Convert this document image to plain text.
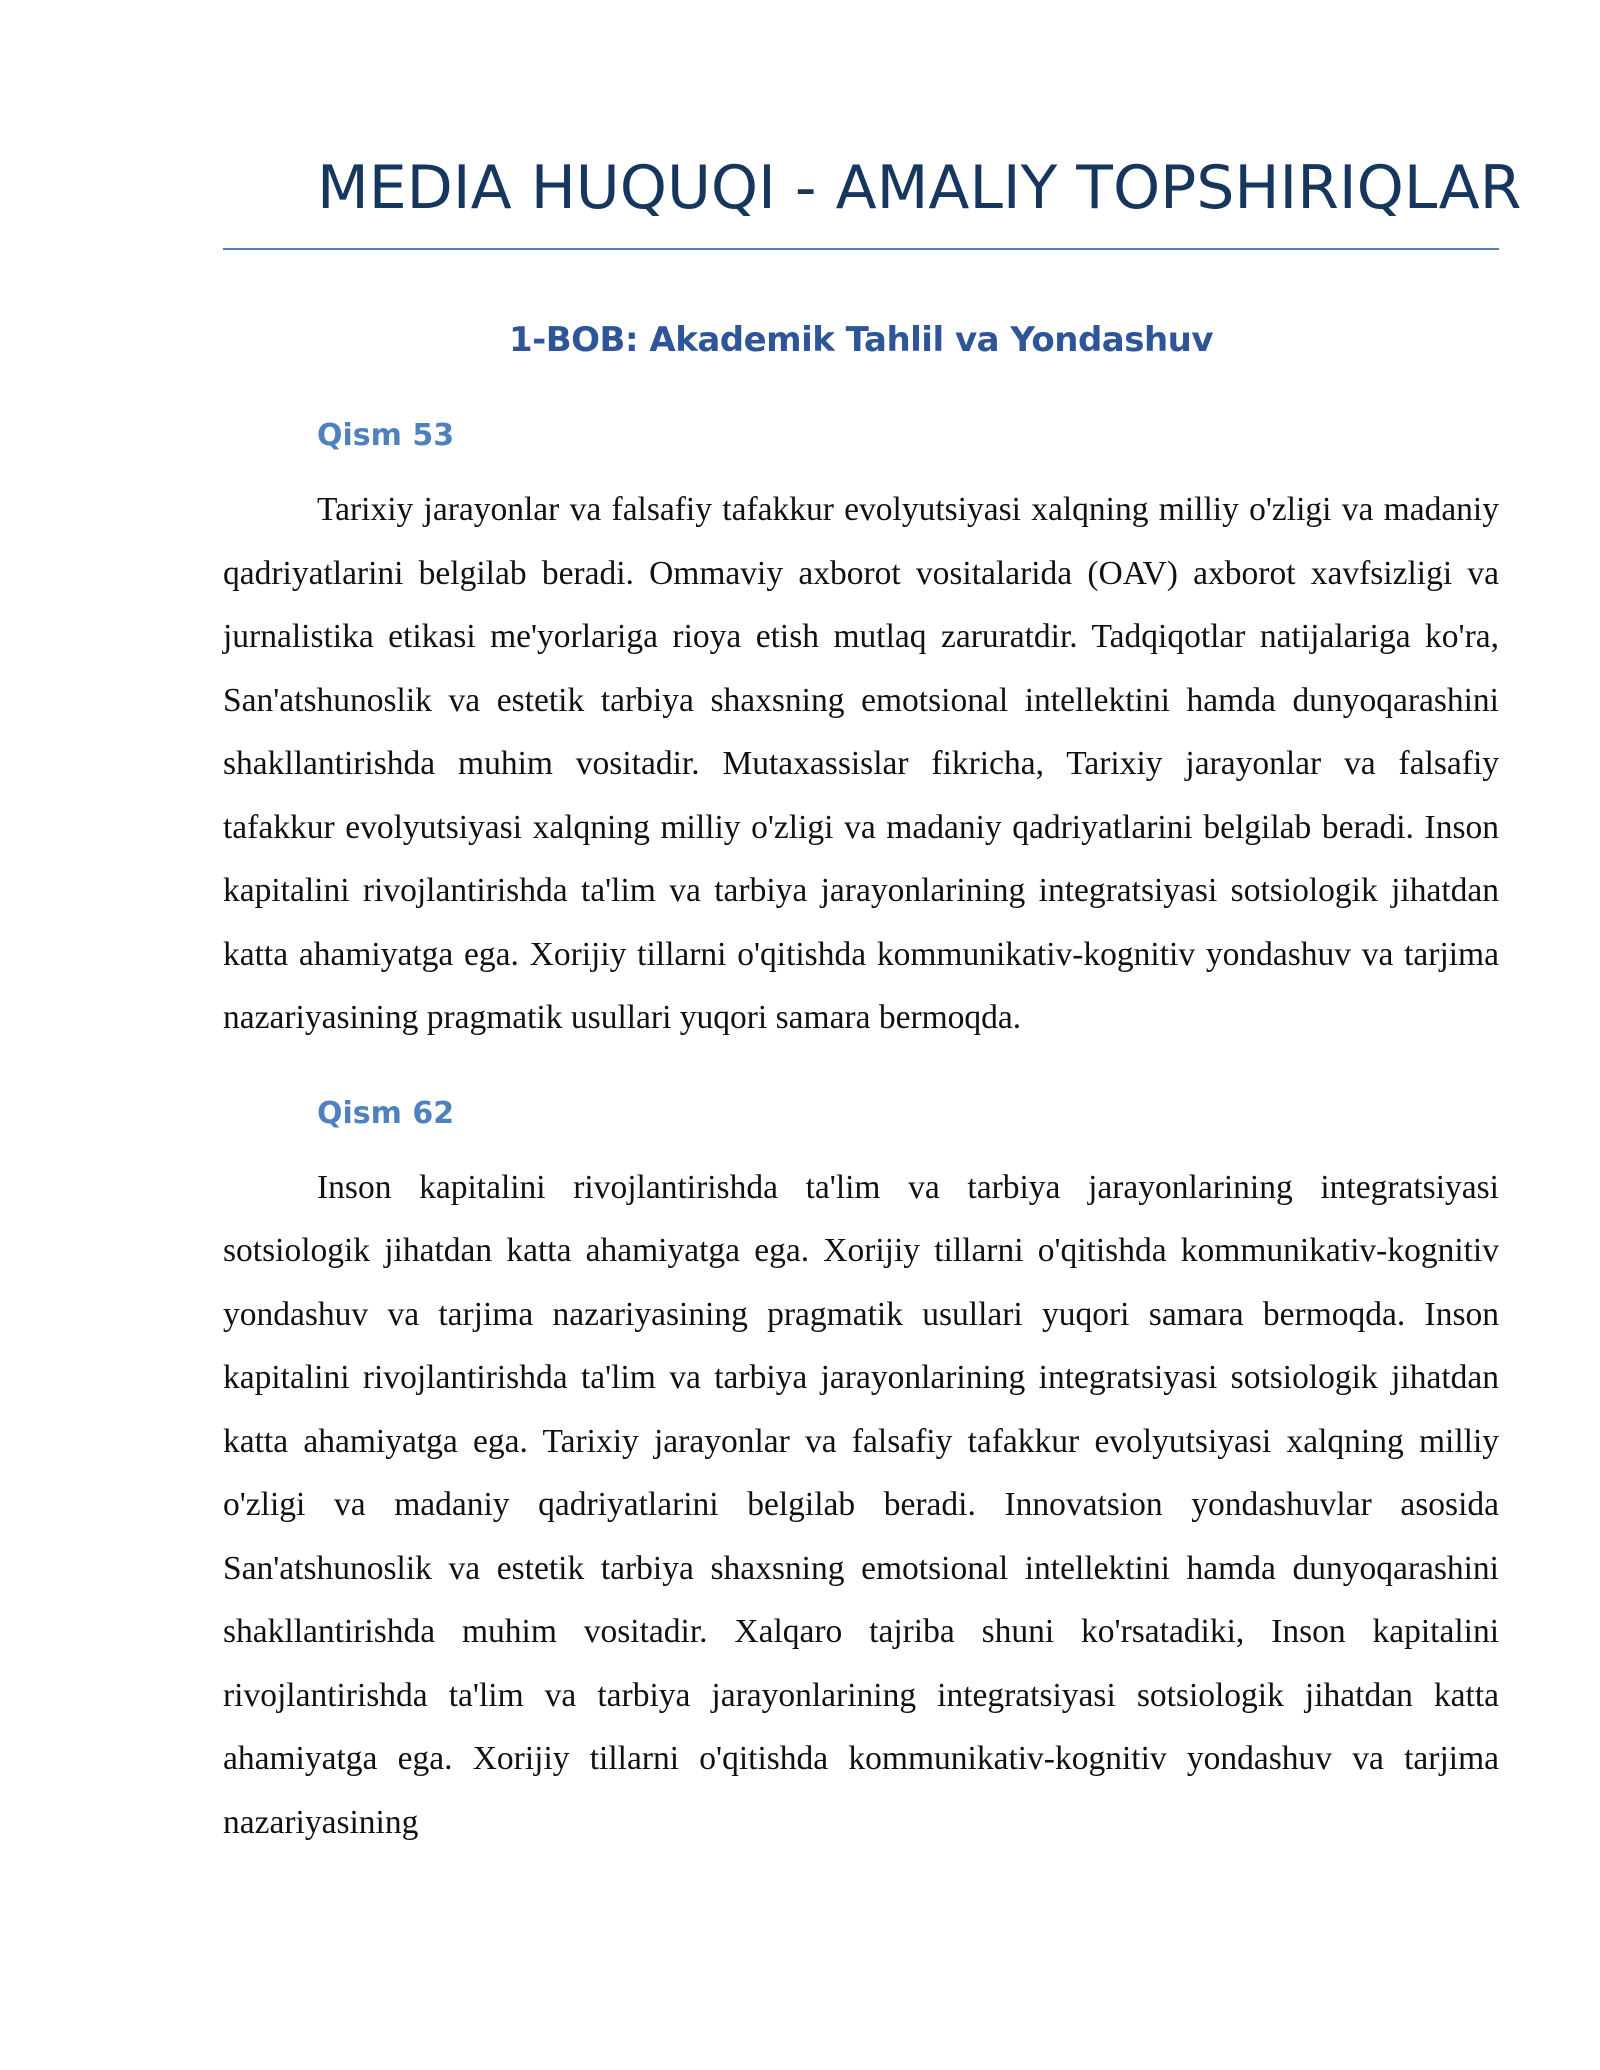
MEDIA HUQUQI - AMALIY TOPSHIRIQLAR
1-BOB: Akademik Tahlil va Yondashuv
Qism 53

Tarixiy jarayonlar va falsafiy tafakkur evolyutsiyasi xalqning milliy o'zligi va madaniy qadriyatlarini belgilab beradi. Ommaviy axborot vositalarida (OAV) axborot xavfsizligi va jurnalistika etikasi me'yorlariga rioya etish mutlaq zaruratdir. Tadqiqotlar natijalariga ko'ra, San'atshunoslik va estetik tarbiya shaxsning emotsional intellektini hamda dunyoqarashini shakllantirishda muhim vositadir. Mutaxassislar fikricha, Tarixiy jarayonlar va falsafiy tafakkur evolyutsiyasi xalqning milliy o'zligi va madaniy qadriyatlarini belgilab beradi. Inson kapitalini rivojlantirishda ta'lim va tarbiya jarayonlarining integratsiyasi sotsiologik jihatdan katta ahamiyatga ega. Xorijiy tillarni o'qitishda kommunikativ-kognitiv yondashuv va tarjima nazariyasining pragmatik usullari yuqori samara bermoqda.

Qism 62

Inson kapitalini rivojlantirishda ta'lim va tarbiya jarayonlarining integratsiyasi sotsiologik jihatdan katta ahamiyatga ega. Xorijiy tillarni o'qitishda kommunikativ-kognitiv yondashuv va tarjima nazariyasining pragmatik usullari yuqori samara bermoqda. Inson kapitalini rivojlantirishda ta'lim va tarbiya jarayonlarining integratsiyasi sotsiologik jihatdan katta ahamiyatga ega. Tarixiy jarayonlar va falsafiy tafakkur evolyutsiyasi xalqning milliy o'zligi va madaniy qadriyatlarini belgilab beradi. Innovatsion yondashuvlar asosida San'atshunoslik va estetik tarbiya shaxsning emotsional intellektini hamda dunyoqarashini shakllantirishda muhim vositadir. Xalqaro tajriba shuni ko'rsatadiki, Inson kapitalini rivojlantirishda ta'lim va tarbiya jarayonlarining integratsiyasi sotsiologik jihatdan katta ahamiyatga ega. Xorijiy tillarni o'qitishda kommunikativ-kognitiv yondashuv va tarjima nazariyasining
